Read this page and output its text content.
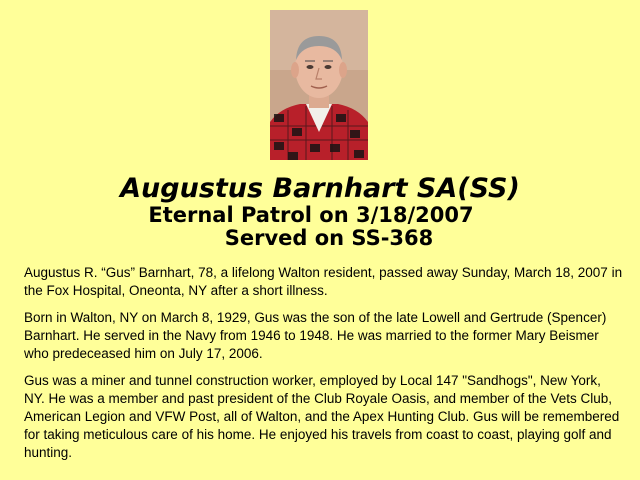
Augustus Barnhart SA(SS)

Eternal Patrol on 3/18/2007

Served on SS-368

Augustus R. “Gus” Barnhart, 78, a lifelong Walton resident, passed away Sunday, March 18, 2007 in the Fox Hospital, Oneonta, NY after a short illness.

Born in Walton, NY on March 8, 1929, Gus was the son of the late Lowell and Gertrude (Spencer) Barnhart. He served in the Navy from 1946 to 1948. He was married to the former Mary Beismer who predeceased him on July 17, 2006.

Gus was a miner and tunnel construction worker, employed by Local 147 "Sandhogs", New York, NY. He was a member and past president of the Club Royale Oasis, and member of the Vets Club, American Legion and VFW Post, all of Walton, and the Apex Hunting Club. Gus will be remembered for taking meticulous care of his home. He enjoyed his travels from coast to coast, playing golf and hunting.
